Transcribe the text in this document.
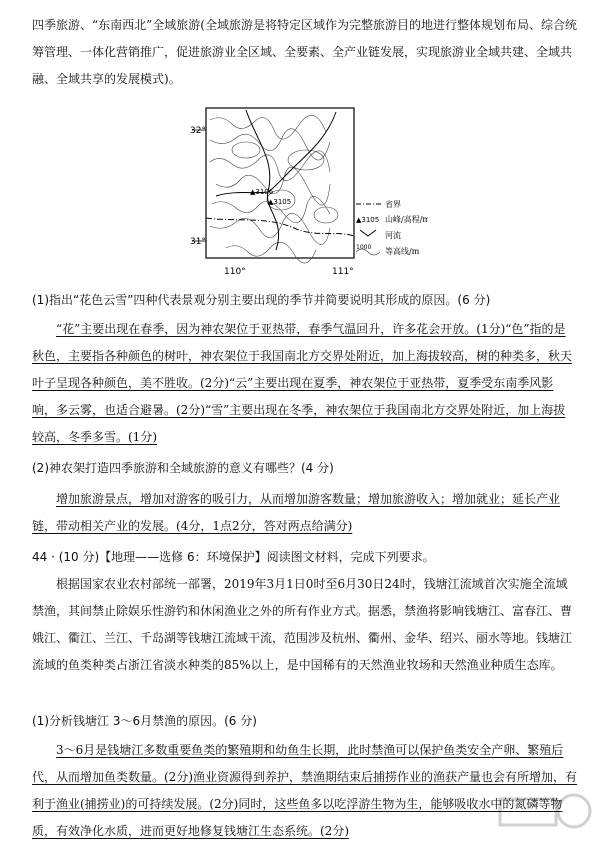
四季旅游、“东南西北”全域旅游(全域旅游是将特定区域作为完整旅游目的地进行整体规划布局、综合统筹管理、一体化营销推广，促进旅游业全区域、全要素、全产业链发展，实现旅游业全域共建、全域共融、全域共享的发展模式)。
▲3106
▲3105
32°
31°
110°	111°
省界
▲3105 山峰/高程/m
河流
1000 等高线/m
(1)指出“花色云雪”四种代表景观分别主要出现的季节并简要说明其形成的原因。(6 分)
“花”主要出现在春季，因为神农架位于亚热带，春季气温回升，许多花会开放。(1分)“色”指的是秋色，主要指各种颜色的树叶，神农架位于我国南北方交界处附近，加上海拔较高，树的种类多，秋天叶子呈现各种颜色，美不胜收。(2分)“云”主要出现在夏季，神农架位于亚热带，夏季受东南季风影响，多云雾，也适合避暑。(2分)“雪”主要出现在冬季，神农架位于我国南北方交界处附近，加上海拔较高，冬季多雪。(1分)
(2)神农架打造四季旅游和全域旅游的意义有哪些？(4 分)
增加旅游景点，增加对游客的吸引力，从而增加游客数量；增加旅游收入；增加就业；延长产业链，带动相关产业的发展。(4分，1点2分，答对两点给满分)
44 · (10 分)【地理——选修 6：环境保护】阅读图文材料，完成下列要求。
根据国家农业农村部统一部署，2019年3月1日0时至6月30日24时，钱塘江流域首次实施全流域禁渔，其间禁止除娱乐性游钓和休闲渔业之外的所有作业方式。据悉，禁渔将影响钱塘江、富春江、曹娥江、衢江、兰江、千岛湖等钱塘江流域干流，范围涉及杭州、衢州、金华、绍兴、丽水等地。钱塘江流域的鱼类种类占浙江省淡水种类的85%以上，是中国稀有的天然渔业牧场和天然渔业种质生态库。
(1)分析钱塘江 3～6月禁渔的原因。(6 分)
3～6月是钱塘江多数重要鱼类的繁殖期和幼鱼生长期，此时禁渔可以保护鱼类安全产卵、繁殖后代，从而增加鱼类数量。(2分)渔业资源得到养护，禁渔期结束后捕捞作业的渔获产量也会有所增加，有利于渔业(捕捞业)的可持续发展。(2分)同时，这些鱼多以吃浮游生物为生，能够吸收水中的氮磷等物质，有效净化水质，进而更好地修复钱塘江生态系统。(2分)
